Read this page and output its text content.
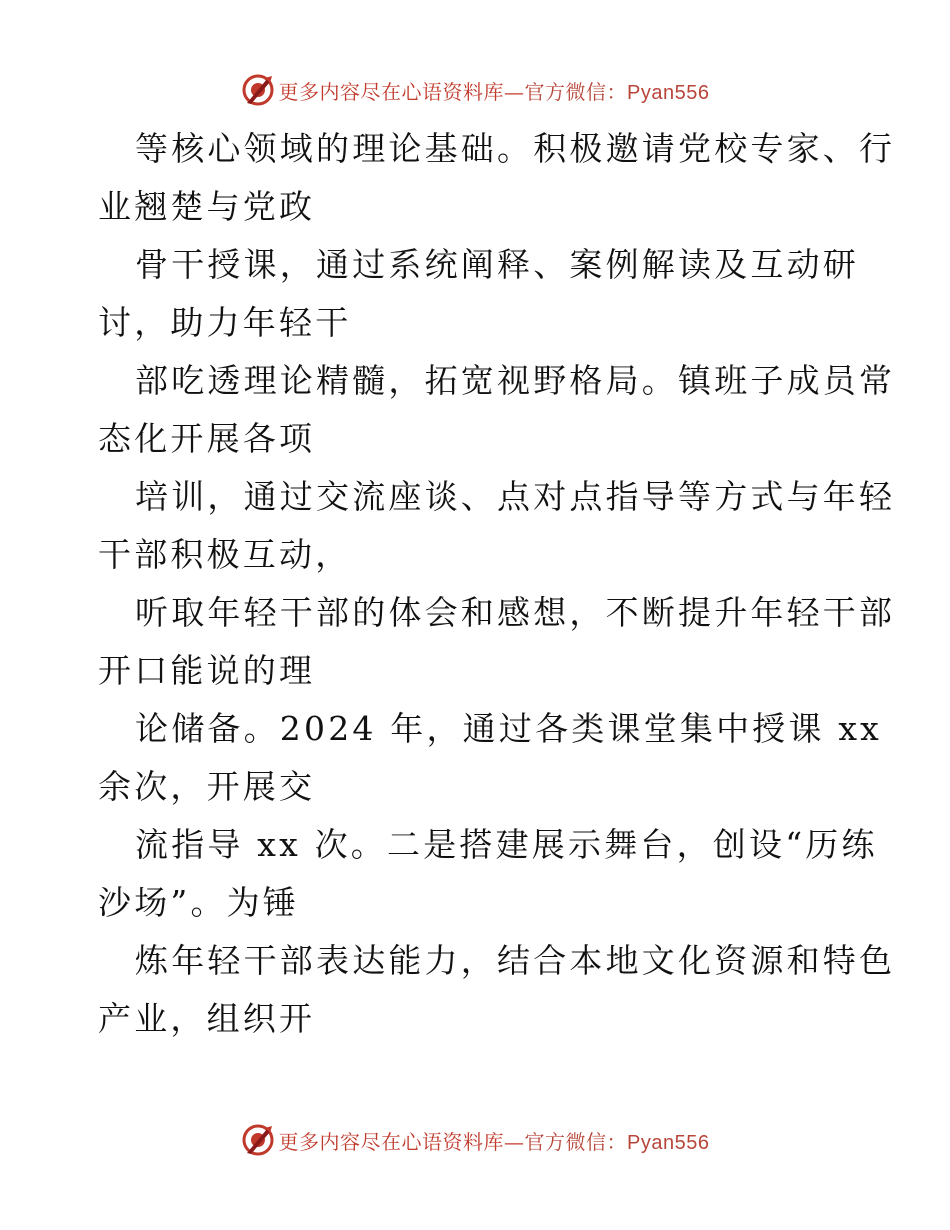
更多内容尽在心语资料库—官方微信：Pyan556
等核心领域的理论基础。积极邀请党校专家、行
业翘楚与党政
骨干授课，通过系统阐释、案例解读及互动研
讨，助力年轻干
部吃透理论精髓，拓宽视野格局。镇班子成员常
态化开展各项
培训，通过交流座谈、点对点指导等方式与年轻
干部积极互动，
听取年轻干部的体会和感想，不断提升年轻干部
开口能说的理
论储备。2024 年，通过各类课堂集中授课 xx
余次，开展交
流指导 xx 次。二是搭建展示舞台，创设“历练
沙场”。为锤
炼年轻干部表达能力，结合本地文化资源和特色
产业，组织开
更多内容尽在心语资料库—官方微信：Pyan556
